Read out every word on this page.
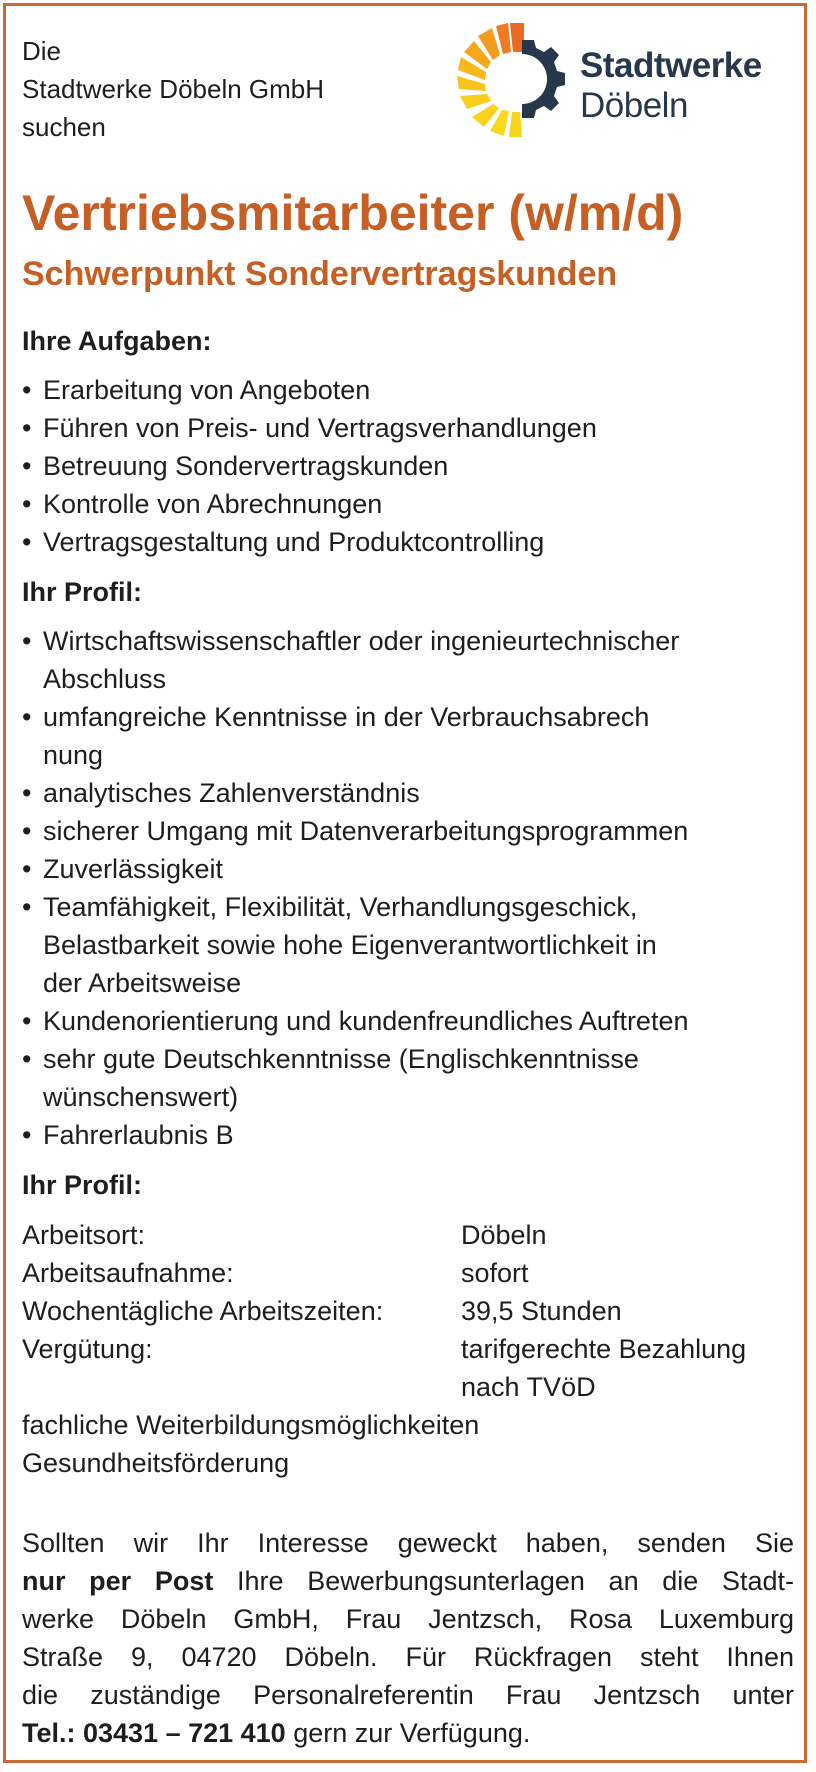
Die
Stadtwerke Döbeln GmbH
suchen
Stadtwerke
Döbeln
Vertriebsmitarbeiter (w/m/d)
Schwerpunkt Sondervertragskunden

Ihre Aufgaben:

• Erarbeitung von Angeboten
• Führen von Preis- und Vertragsverhandlungen
• Betreuung Sondervertragskunden
• Kontrolle von Abrechnungen
• Vertragsgestaltung und Produktcontrolling

Ihr Profil:

• Wirtschaftswissenschaftler oder ingenieurtechnischer
Abschluss
• umfangreiche Kenntnisse in der Verbrauchsabrech
nung
• analytisches Zahlenverständnis
• sicherer Umgang mit Datenverarbeitungsprogrammen
• Zuverlässigkeit
• Teamfähigkeit, Flexibilität, Verhandlungsgeschick,
Belastbarkeit sowie hohe Eigenverantwortlichkeit in
der Arbeitsweise
• Kundenorientierung und kundenfreundliches Auftreten
• sehr gute Deutschkenntnisse (Englischkenntnisse
wünschenswert)
• Fahrerlaubnis B

Ihr Profil:

Arbeitsort:	Döbeln
Arbeitsaufnahme:	sofort
Wochentägliche Arbeitszeiten:	39,5 Stunden
Vergütung:	tarifgerechte Bezahlung
nach TVöD
fachliche Weiterbildungsmöglichkeiten
Gesundheitsförderung
Sollten wir Ihr Interesse geweckt haben, senden Sie
nur per Post Ihre Bewerbungsunterlagen an die Stadt-
werke Döbeln GmbH, Frau Jentzsch, Rosa Luxemburg
Straße 9, 04720 Döbeln. Für Rückfragen steht Ihnen
die zuständige Personalreferentin Frau Jentzsch unter
Tel.: 03431 – 721 410 gern zur Verfügung.
